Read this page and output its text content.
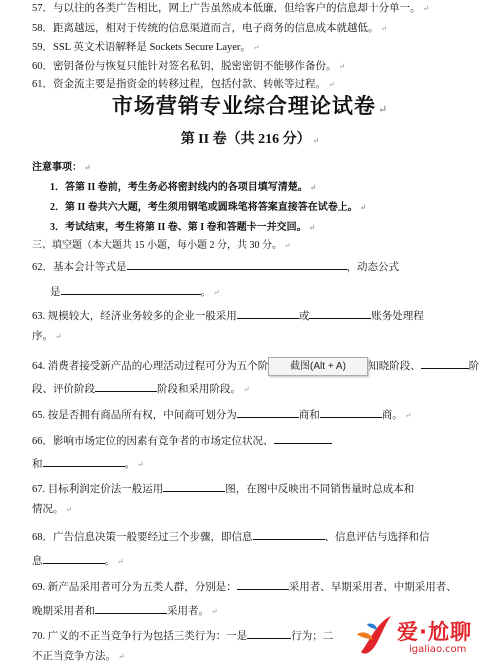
57．与以往的各类广告相比，网上广告虽然成本低廉，但给客户的信息却十分单一。 ↵
58．距离越远，相对于传统的信息渠道而言，电子商务的信息成本就越低。 ↵
59．SSL 英文术语解释是 Sockets Secure Layer。 ↵
60．密钥备份与恢复只能针对签名私钥，脱密密钥不能够作备份。 ↵
61．资金流主要是指资金的转移过程，包括付款、转帐等过程。 ↵
市场营销专业综合理论试卷 ↵
第 II 卷（共 216 分） ↵
注意事项： ↵
1．答第 II 卷前，考生务必将密封线内的各项目填写清楚。 ↵
2．第 II 卷共六大题，考生须用钢笔或圆珠笔将答案直接答在试卷上。 ↵
3．考试结束，考生将第 II 卷、第 I 卷和答题卡一并交回。 ↵
三、填空题（本大题共 15 小题，每小题 2 分，共 30 分。 ↵
62．基本会计等式是	，动态公式
是	。 ↵
63. 规模较大，经济业务较多的企业一般采用	或	账务处理程
序。 ↵
64. 消费者接受新产品的心理活动过程可分为五个阶	知晓阶段、	阶
段、评价阶段	阶段和采用阶段。 ↵
截图(Alt + A)
65. 按是否拥有商品所有权，中间商可划分为	商和	商。 ↵
66．影响市场定位的因素有竞争者的市场定位状况、
和	。 ↵
67. 目标利润定价法一般运用	图，在图中反映出不同销售量时总成本和
情况。 ↵
68．广告信息决策一般要经过三个步骤，即信息	、信息评估与选择和信
息	。 ↵
69. 新产品采用者可分为五类人群，分别是：	采用者、早期采用者、中期采用者、
晚期采用者和	采用者。 ↵
70. 广义的不正当竞争行为包括三类行为：一是	行为；二
不正当竞争方法。 ↵
爱·尬聊
igaliao.com
